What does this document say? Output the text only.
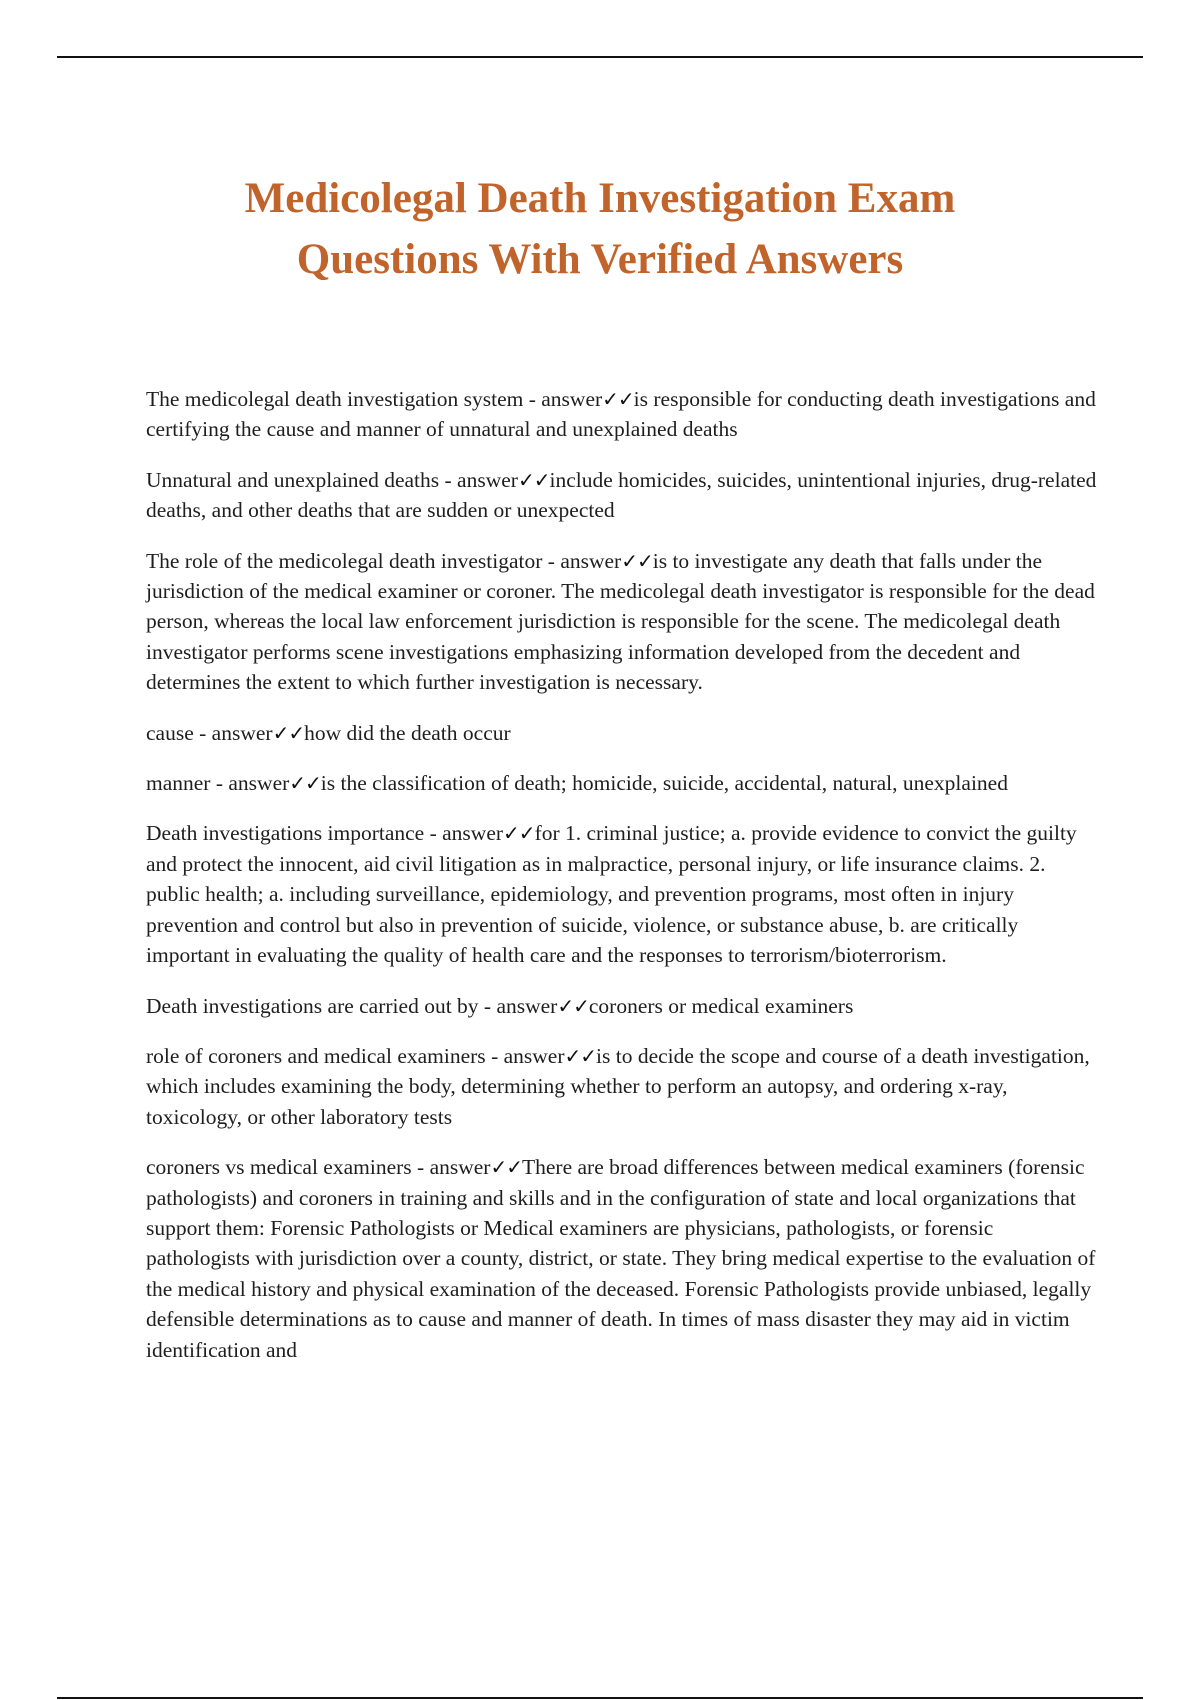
Medicolegal Death Investigation Exam
Questions With Verified Answers

The medicolegal death investigation system - answer✓✓is responsible for conducting death investigations and certifying the cause and manner of unnatural and unexplained deaths

Unnatural and unexplained deaths - answer✓✓include homicides, suicides, unintentional injuries, drug-related deaths, and other deaths that are sudden or unexpected

The role of the medicolegal death investigator - answer✓✓is to investigate any death that falls under the jurisdiction of the medical examiner or coroner. The medicolegal death investigator is responsible for the dead person, whereas the local law enforcement jurisdiction is responsible for the scene. The medicolegal death investigator performs scene investigations emphasizing information developed from the decedent and determines the extent to which further investigation is necessary.

cause - answer✓✓how did the death occur

manner - answer✓✓is the classification of death; homicide, suicide, accidental, natural, unexplained

Death investigations importance - answer✓✓for 1. criminal justice; a. provide evidence to convict the guilty and protect the innocent, aid civil litigation as in malpractice, personal injury, or life insurance claims. 2. public health; a. including surveillance, epidemiology, and prevention programs, most often in injury prevention and control but also in prevention of suicide, violence, or substance abuse, b. are critically important in evaluating the quality of health care and the responses to terrorism/bioterrorism.

Death investigations are carried out by - answer✓✓coroners or medical examiners

role of coroners and medical examiners - answer✓✓is to decide the scope and course of a death investigation, which includes examining the body, determining whether to perform an autopsy, and ordering x-ray, toxicology, or other laboratory tests

coroners vs medical examiners - answer✓✓There are broad differences between medical examiners (forensic pathologists) and coroners in training and skills and in the configuration of state and local organizations that support them: Forensic Pathologists or Medical examiners are physicians, pathologists, or forensic pathologists with jurisdiction over a county, district, or state. They bring medical expertise to the evaluation of the medical history and physical examination of the deceased. Forensic Pathologists provide unbiased, legally defensible determinations as to cause and manner of death. In times of mass disaster they may aid in victim identification and
